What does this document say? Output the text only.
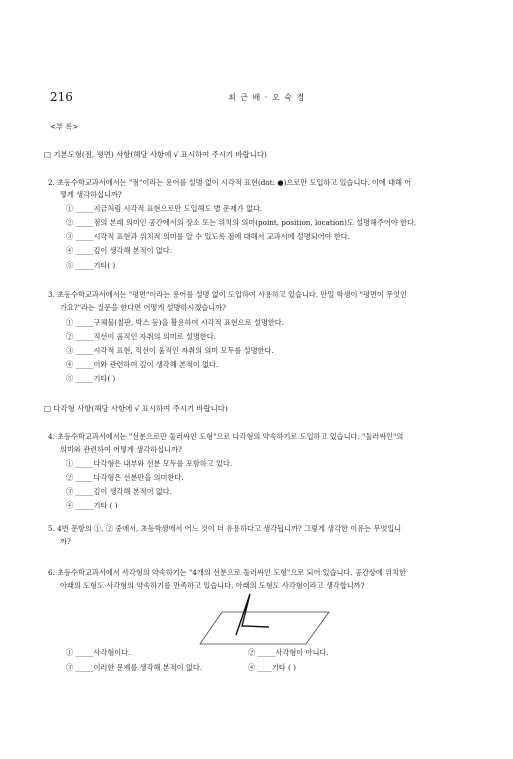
216	최 근 배 · 오 숙 경
<부 록>
□ 기본도형(점, 평면) 사항(해당 사항에 √ 표시하여 주시기 바랍니다)
2. 초등수학교과서에서는 "점"이라는 용어를 설명 없이 시각적 표현(dot: ●)으로만 도입하고 있습니다. 이에 대해 어
떻게 생각하십니까?
① _____지금처럼 시각적 표현으로만 도입해도 별 문제가 없다.
② _____점의 본래 의미인 공간에서의 장소 또는 위치의 의미(point, position, location)도 설명해주어야 한다.
③ _____시각적 표현과 위치적 의미를 알 수 있도록 점에 대해서 교과서에 설명되어야 한다.
④ _____깊이 생각해 본적이 없다.
⑤ _____기타( )
3. 초등수학교과서에서는 "평면"이라는 용어를 설명 없이 도입하여 사용하고 있습니다. 만일 학생이 "평면이 무엇인
가요?"라는 질문을 한다면 어떻게 설명하시겠습니까?
① _____구체물(칠판, 박스 등)을 활용하여 시각적 표현으로 설명한다.
② _____직선이 움직인 자취의 의미로 설명한다.
③ _____시각적 표현, 직선이 움직인 자취의 의미 모두를 설명한다.
④ _____이와 관련하여 깊이 생각해 본적이 없다.
⑤ _____기타( )
□ 다각형 사항(해당 사항에 √ 표시하여 주시기 바랍니다)
4. 초등수학교과서에서는 "선분으로만 둘러싸인 도형"으로 다각형의 약속하기로 도입하고 있습니다. "둘러싸인"의
의미와 관련하여 어떻게 생각하십니까?
① _____다각형은 내부와 선분 모두를 포함하고 있다.
② _____다각형은 선분만을 의미한다.
③ _____깊이 생각해 본적이 없다.
④ _____기타 ( )
5. 4번 문항의 ①, ② 중에서, 초등학생에서 어느 것이 더 유용하다고 생각됩니까? 그렇게 생각한 이유는 무엇입니
까?
6. 초등수학교과서에서 사각형의 약속하기는 "4개의 선분으로 둘러싸인 도형"으로 되어 있습니다. 공간상에 위치한
아래의 도형도 사각형의 약속하기를 만족하고 있습니다. 아래의 도형도 사각형이라고 생각합니까?
① _____사각형이다.	② _____사각형이 아니다.
③ _____이러한 문제를 생각해 본적이 없다.	④ ____기타 ( )
